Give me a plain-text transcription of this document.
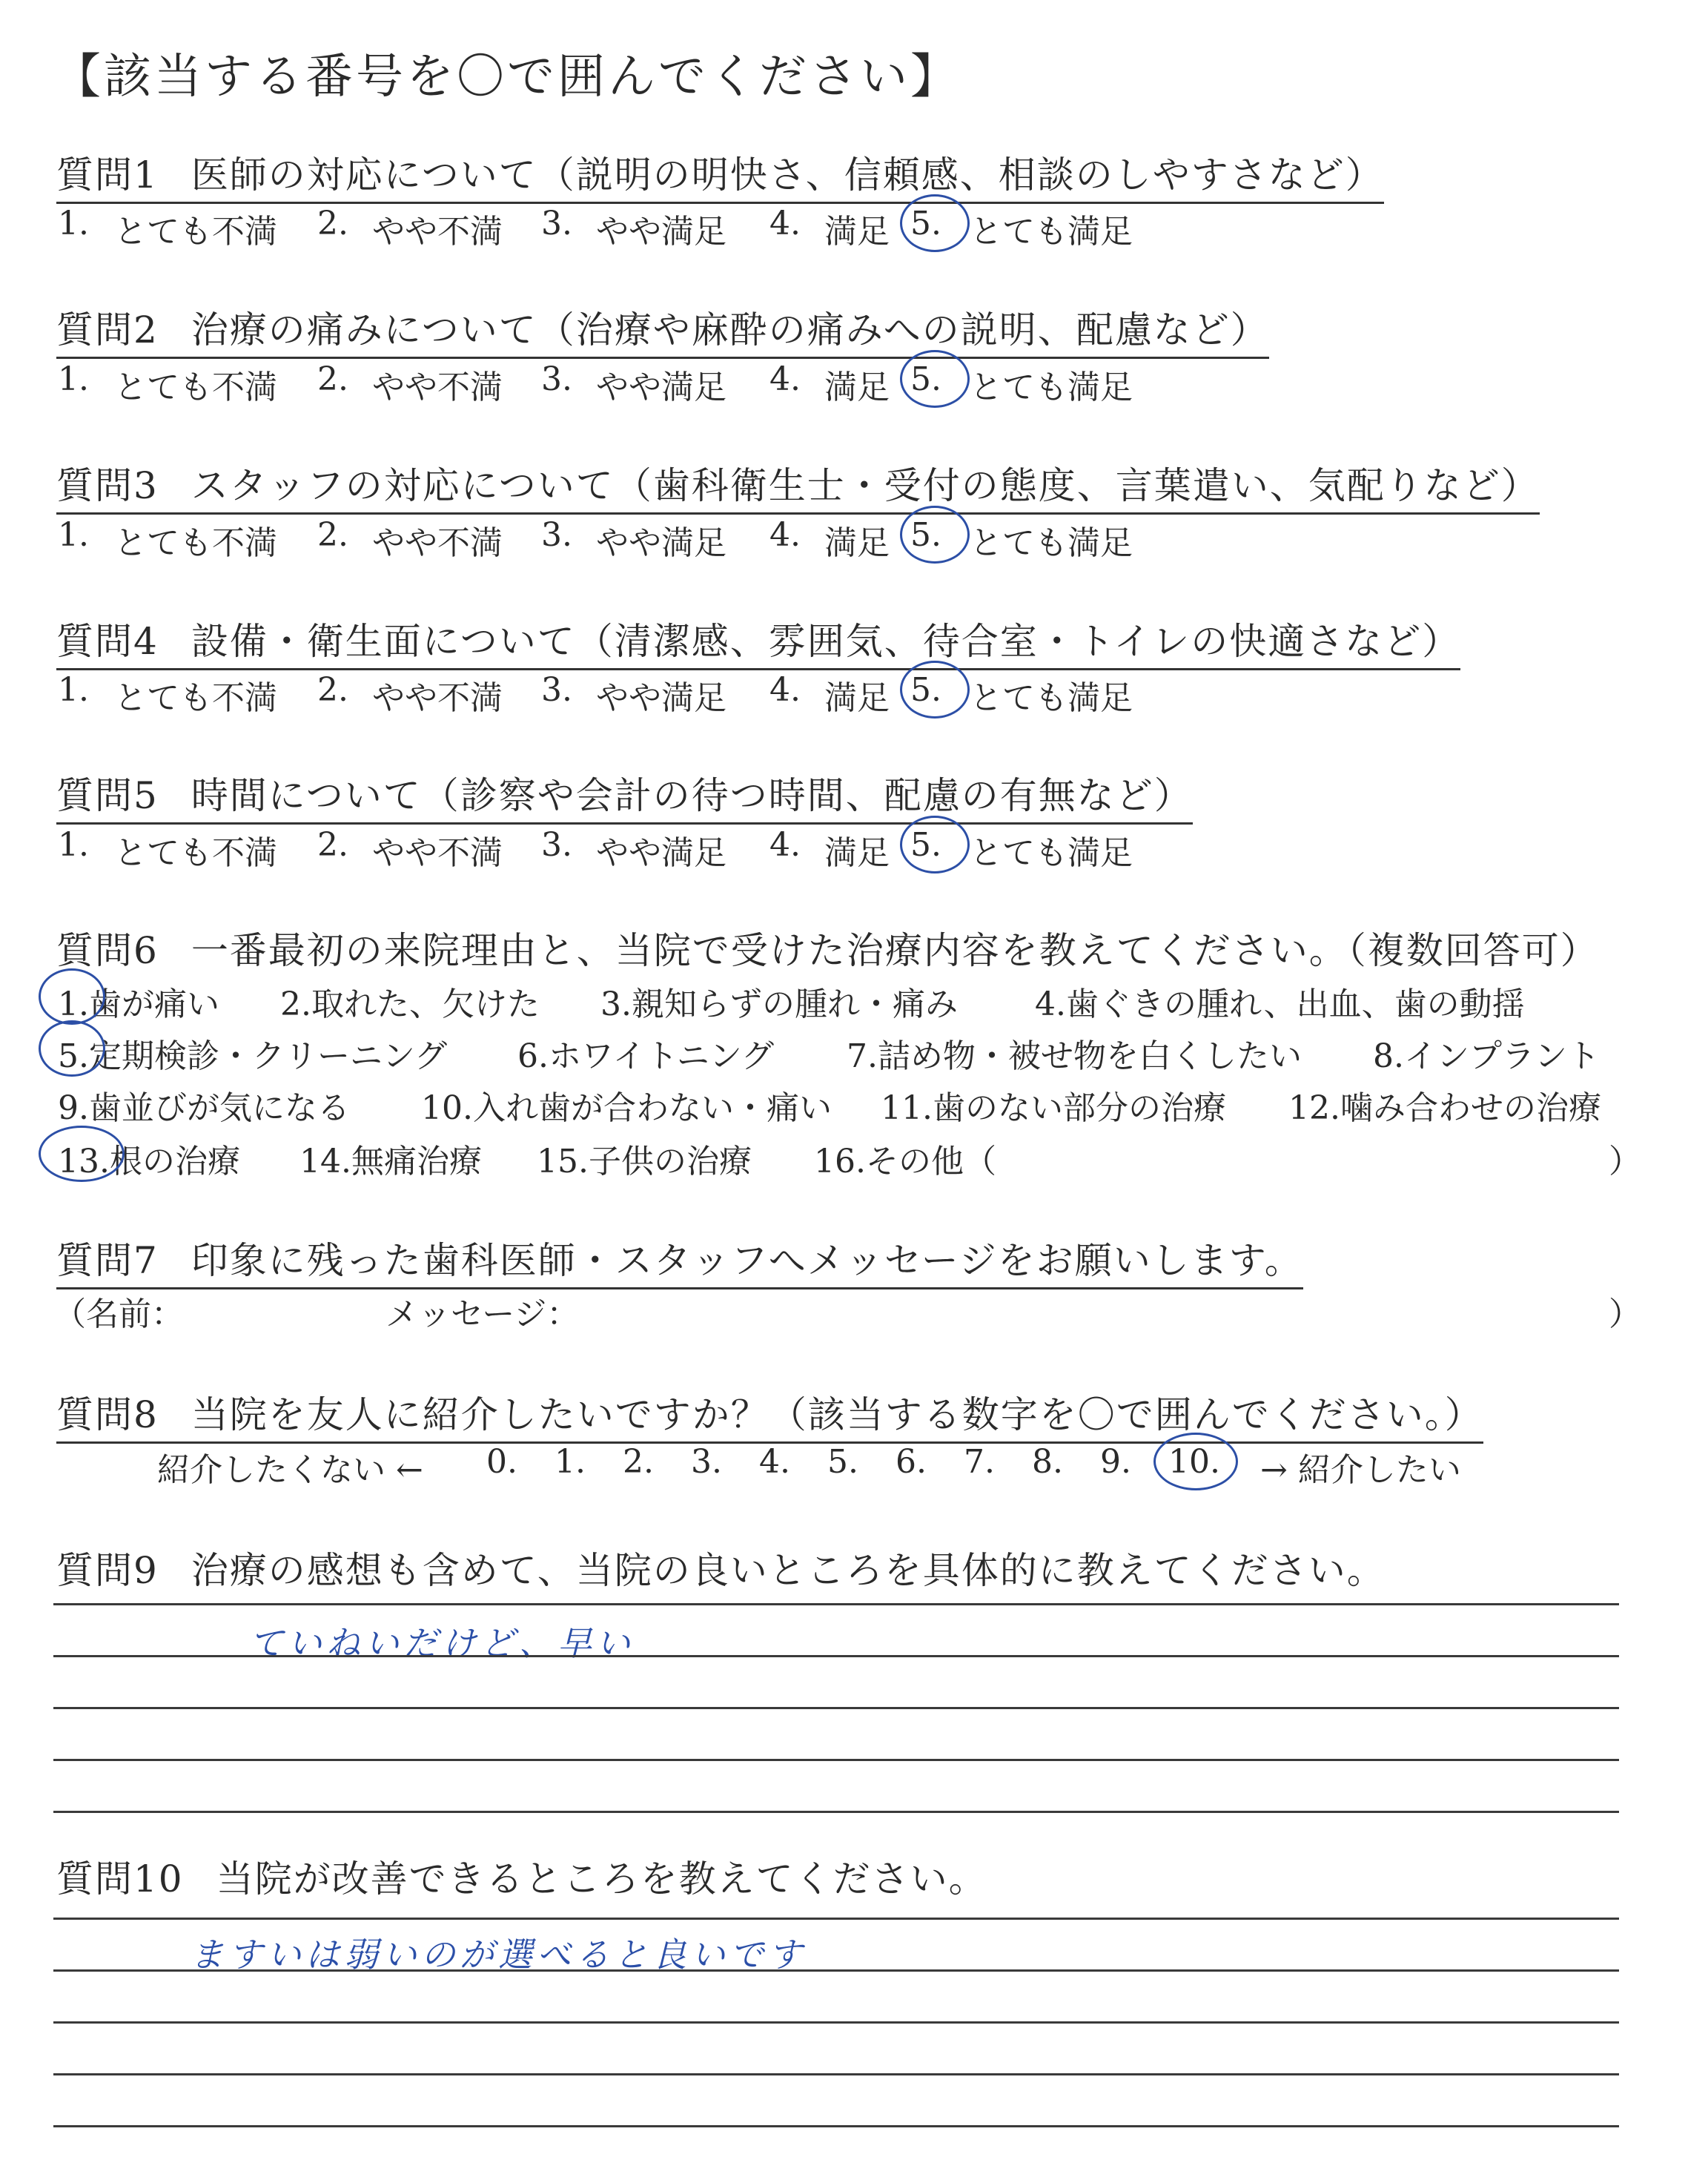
【該当する番号を〇で囲んでください】
質問1 医師の対応について（説明の明快さ、信頼感、相談のしやすさなど）
1. とても不満 2. やや不満 3. やや満足 4. 満足 5. とても満足
質問2 治療の痛みについて（治療や麻酔の痛みへの説明、配慮など）
1. とても不満 2. やや不満 3. やや満足 4. 満足 5. とても満足
質問3 スタッフの対応について（歯科衛生士・受付の態度、言葉遣い、気配りなど）
1. とても不満 2. やや不満 3. やや満足 4. 満足 5. とても満足
質問4 設備・衛生面について（清潔感、雰囲気、待合室・トイレの快適さなど）
1. とても不満 2. やや不満 3. やや満足 4. 満足 5. とても満足
質問5 時間について（診察や会計の待つ時間、配慮の有無など）
1. とても不満 2. やや不満 3. やや満足 4. 満足 5. とても満足
質問6 一番最初の来院理由と、当院で受けた治療内容を教えてください。（複数回答可）
1.歯が痛い 2.取れた、欠けた 3.親知らずの腫れ・痛み 4.歯ぐきの腫れ、出血、歯の動揺
5.定期検診・クリーニング 6.ホワイトニング 7.詰め物・被せ物を白くしたい 8.インプラント
9.歯並びが気になる 10.入れ歯が合わない・痛い 11.歯のない部分の治療 12.噛み合わせの治療
13.根の治療 14.無痛治療 15.子供の治療 16.その他（	）
質問7 印象に残った歯科医師・スタッフへメッセージをお願いします。
（名前：	メッセージ：	）
質問8 当院を友人に紹介したいですか？（該当する数字を〇で囲んでください。）
紹介したくない ← 0. 1. 2. 3. 4. 5. 6. 7. 8. 9. 10. → 紹介したい
質問9 治療の感想も含めて、当院の良いところを具体的に教えてください。
ていねいだけど、早い
質問10 当院が改善できるところを教えてください。
ますいは弱いのが選べると良いです
